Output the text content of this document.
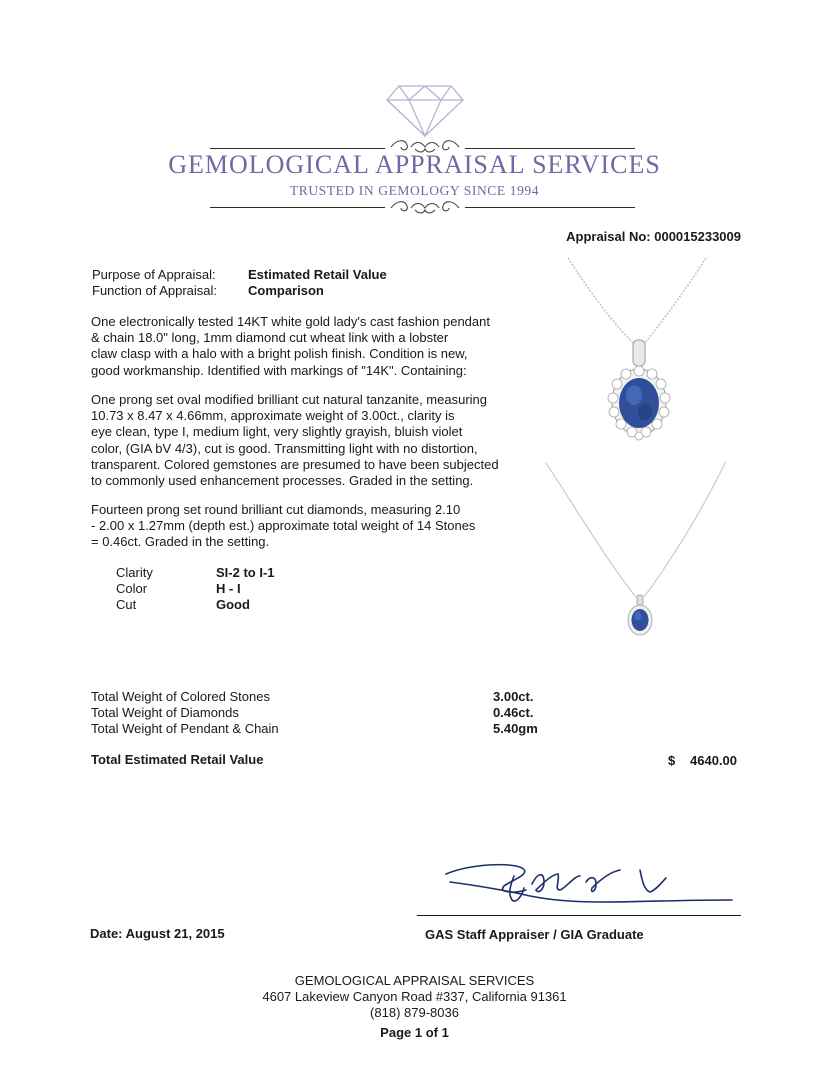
GEMOLOGICAL APPRAISAL SERVICES
TRUSTED IN GEMOLOGY SINCE 1994
Appraisal No: 000015233009
Purpose of Appraisal: Estimated Retail Value
Function of Appraisal: Comparison
One electronically tested 14KT white gold lady's cast fashion pendant
& chain 18.0" long, 1mm diamond cut wheat link with a lobster
claw clasp with a halo with a bright polish finish. Condition is new,
good workmanship. Identified with markings of "14K". Containing:
One prong set oval modified brilliant cut natural tanzanite, measuring
10.73 x 8.47 x 4.66mm, approximate weight of 3.00ct., clarity is
eye clean, type I, medium light, very slightly grayish, bluish violet
color, (GIA bV 4/3), cut is good. Transmitting light with no distortion,
transparent. Colored gemstones are presumed to have been subjected
to commonly used enhancement processes. Graded in the setting.
Fourteen prong set round brilliant cut diamonds, measuring 2.10
- 2.00 x 1.27mm (depth est.) approximate total weight of 14 Stones
= 0.46ct. Graded in the setting.
Clarity	SI-2 to I-1
Color	H - I
Cut	Good
Total Weight of Colored Stones	3.00ct.
Total Weight of Diamonds	0.46ct.
Total Weight of Pendant & Chain	5.40gm
Total Estimated Retail Value	$ 4640.00
Date: August 21, 2015	GAS Staff Appraiser / GIA Graduate
GEMOLOGICAL APPRAISAL SERVICES
4607 Lakeview Canyon Road #337, California 91361
(818) 879-8036
Page 1 of 1
